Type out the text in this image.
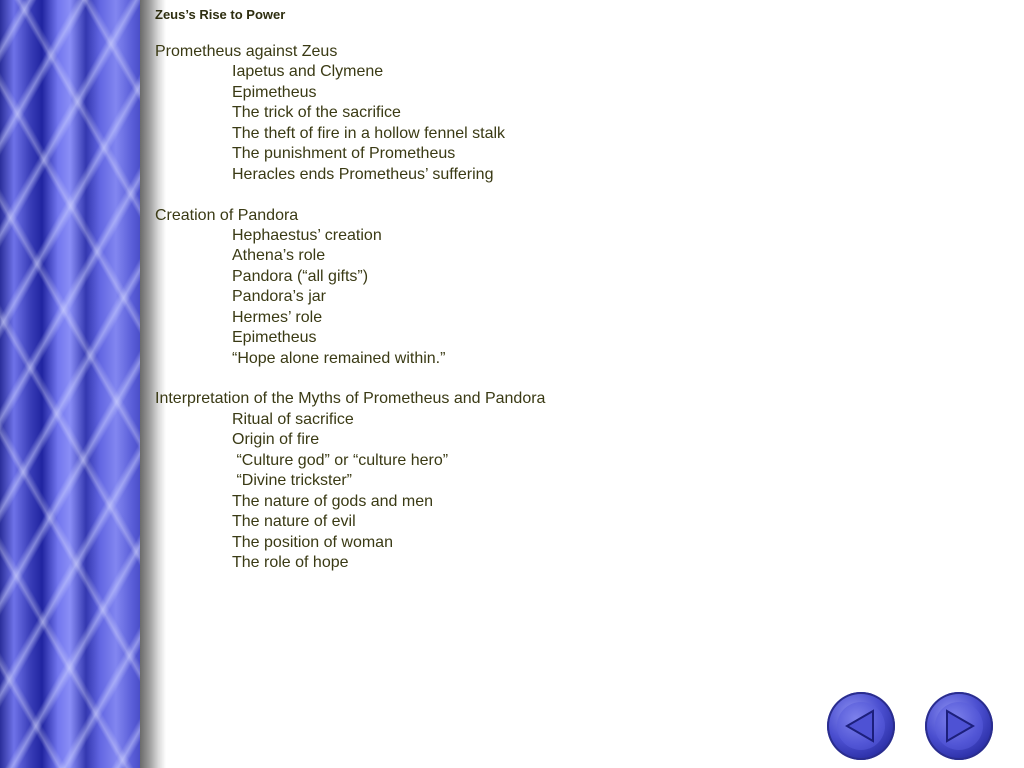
Zeus’s Rise to Power
Prometheus against Zeus
Iapetus and Clymene
Epimetheus
The trick of the sacrifice
The theft of fire in a hollow fennel stalk
The punishment of Prometheus
Heracles ends Prometheus’ suffering
Creation of Pandora
Hephaestus’ creation
Athena’s role
Pandora (“all gifts”)
Pandora’s jar
Hermes’ role
Epimetheus
“Hope alone remained within.”
Interpretation of the Myths of Prometheus and Pandora
Ritual of sacrifice
Origin of fire
“Culture god” or “culture hero”
“Divine trickster”
The nature of gods and men
The nature of evil
The position of woman
The role of hope
